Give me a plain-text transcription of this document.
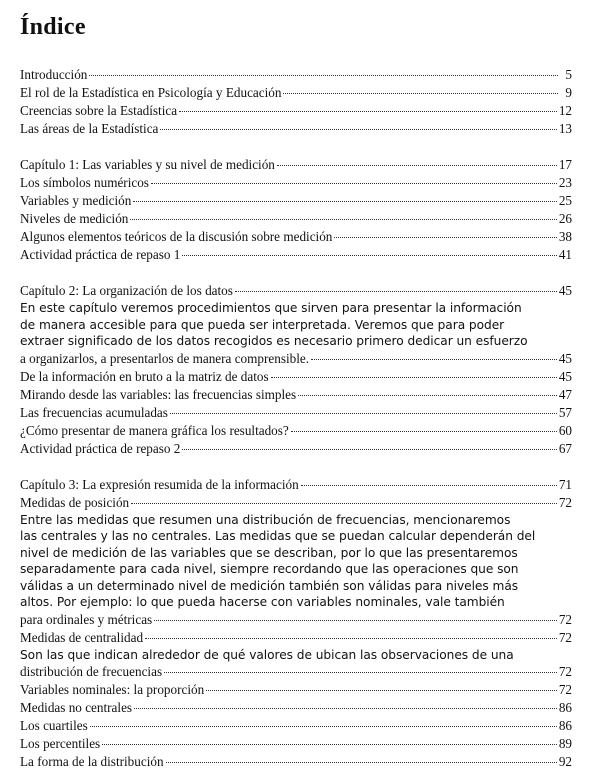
Índice
Introducción	5
El rol de la Estadística en Psicología y Educación	9
Creencias sobre la Estadística	12
Las áreas de la Estadística	13
Capítulo 1: Las variables y su nivel de medición	17
Los símbolos numéricos	23
Variables y medición	25
Niveles de medición	26
Algunos elementos teóricos de la discusión sobre medición	38
Actividad práctica de repaso 1	41
Capítulo 2: La organización de los datos	45
En este capítulo veremos procedimientos que sirven para presentar la información
de manera accesible para que pueda ser interpretada. Veremos que para poder
extraer significado de los datos recogidos es necesario primero dedicar un esfuerzo
a organizarlos, a presentarlos de manera comprensible.	45
De la información en bruto a la matriz de datos	45
Mirando desde las variables: las frecuencias simples	47
Las frecuencias acumuladas	57
¿Cómo presentar de manera gráfica los resultados?	60
Actividad práctica de repaso 2	67
Capítulo 3: La expresión resumida de la información	71
Medidas de posición	72
Entre las medidas que resumen una distribución de frecuencias, mencionaremos
las centrales y las no centrales. Las medidas que se puedan calcular dependerán del
nivel de medición de las variables que se describan, por lo que las presentaremos
separadamente para cada nivel, siempre recordando que las operaciones que son
válidas a un determinado nivel de medición también son válidas para niveles más
altos. Por ejemplo: lo que pueda hacerse con variables nominales, vale también
para ordinales y métricas	72
Medidas de centralidad	72
Son las que indican alrededor de qué valores de ubican las observaciones de una
distribución de frecuencias	72
Variables nominales: la proporción	72
Medidas no centrales	86
Los cuartiles	86
Los percentiles	89
La forma de la distribución	92
